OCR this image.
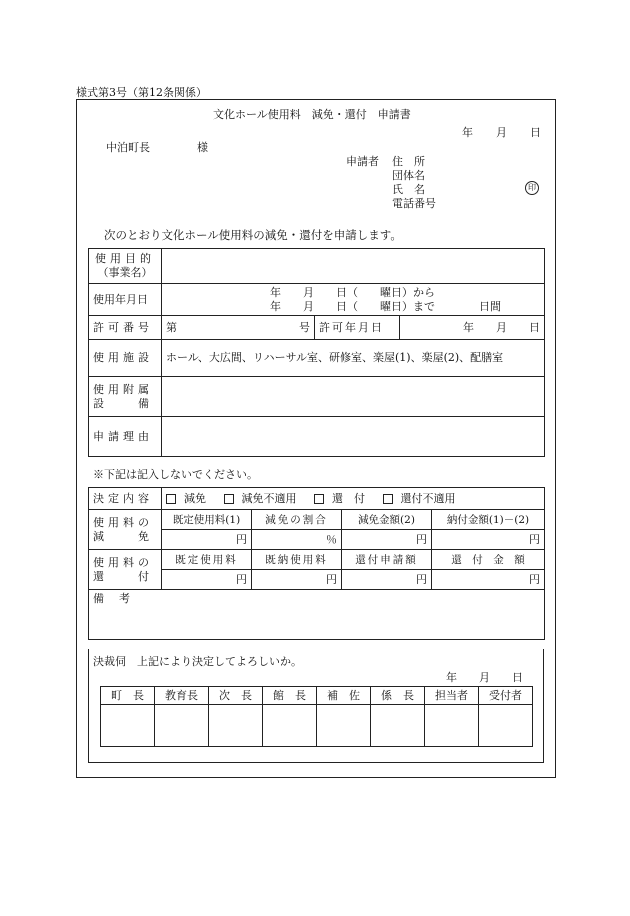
様式第3号（第12条関係）
文化ホール使用料　減免・還付　申請書
年 月 日
中泊町長	様
申請者 住　所
団体名
氏　名
電話番号
印
次のとおり文化ホール使用料の減免・還付を申請します。
使用目的
（事業名）			

使用年月日	年　　月　　日（　　曜日）から
年　　月　　日（　　曜日）まで　　　　日間		

許可番号	第 号	許可年月日	年　　月　　日
使用施設	ホール、大広間、リハーサル室、研修室、楽屋(1)、楽屋(2)、配膳室		

使用附属
設　　備			

申請理由			
※下記は記入しないでください。
決定内容	減免 減免不適用 還　付 還付不適用			

使用料の
減　　免	既定使用料(1)	減免の割合	減免金額(2)	納付金額(1)－(2)
	円	％	円	円

使用料の
還　　付	既定使用料	既納使用料	還付申請額	還　付　金　額
	円	円	円	円
備　考				
決裁伺　上記により決定してよろしいか。
年　　月　　日
町　長	教育長	次　長	館　長	補　佐	係　長	担当者	受付者
